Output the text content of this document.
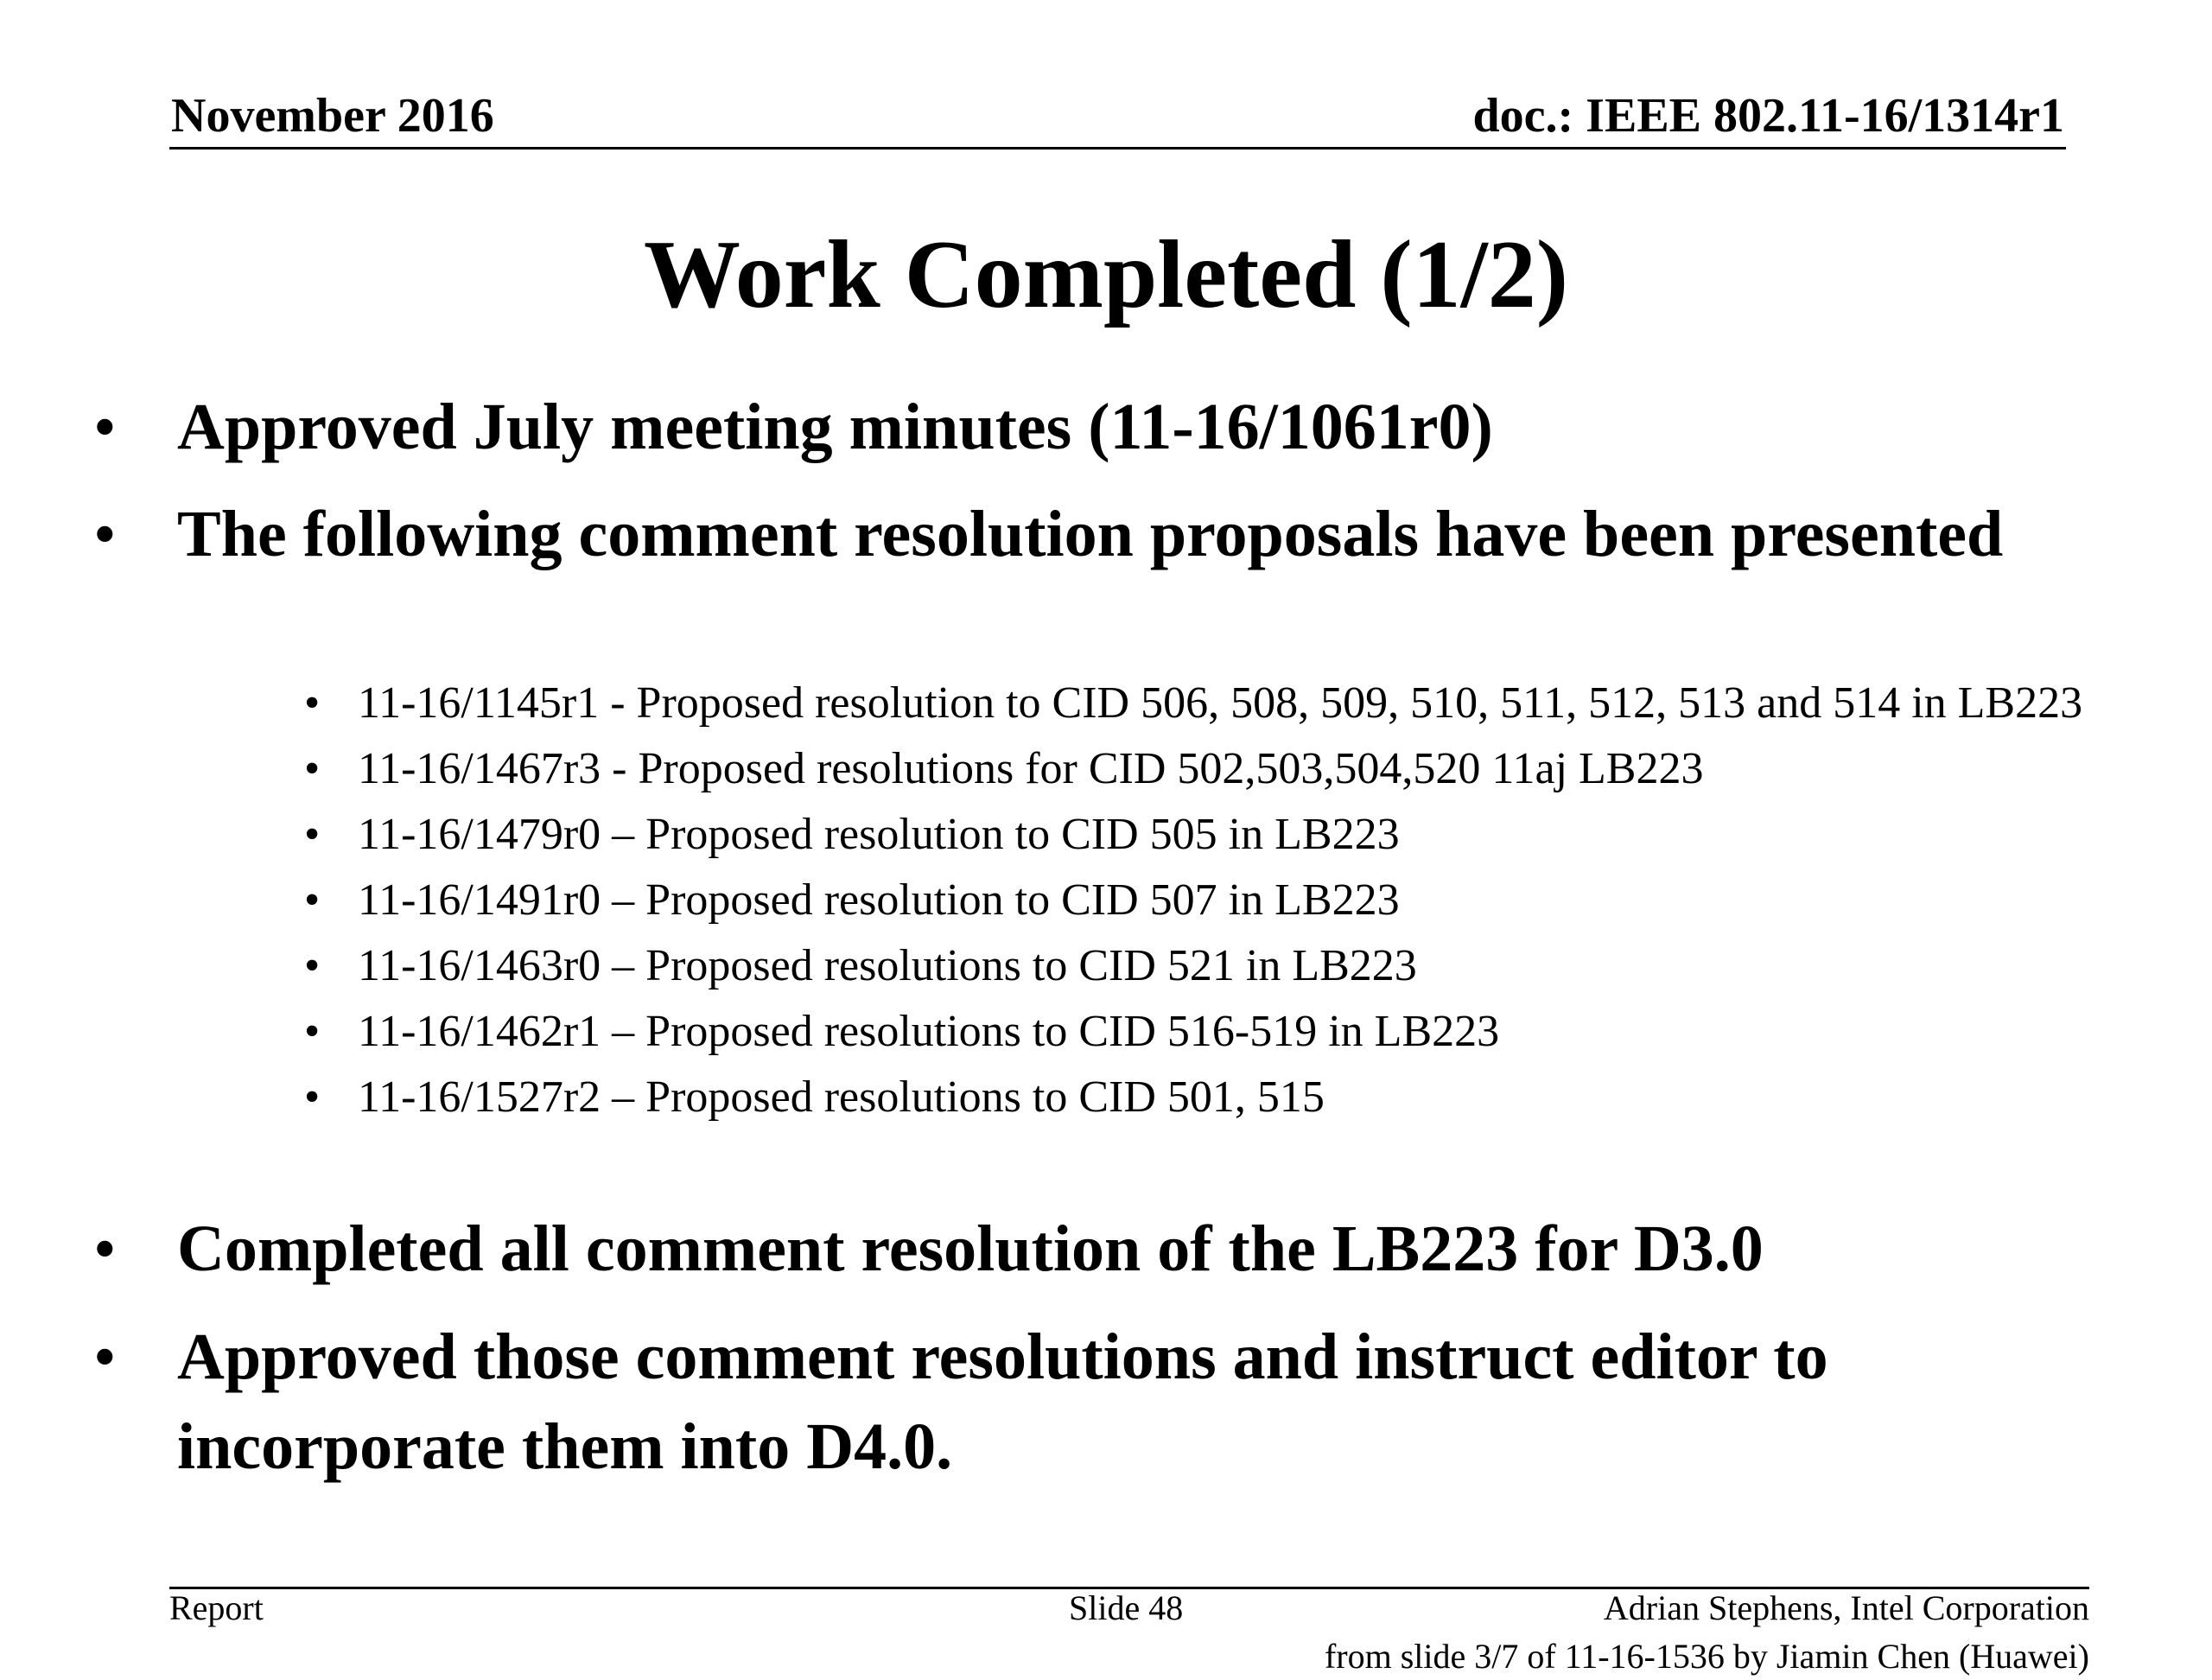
November 2016	doc.: IEEE 802.11-16/1314r1
Work Completed (1/2)
• Approved July meeting minutes (11-16/1061r0)
• The following comment resolution proposals have been presented
• 11-16/1145r1 - Proposed resolution to CID 506, 508, 509, 510, 511, 512, 513 and 514 in LB223
• 11-16/1467r3 - Proposed resolutions for CID 502,503,504,520 11aj LB223
• 11-16/1479r0 – Proposed resolution to CID 505 in LB223
• 11-16/1491r0 – Proposed resolution to CID 507 in LB223
• 11-16/1463r0 – Proposed resolutions to CID 521 in LB223
• 11-16/1462r1 – Proposed resolutions to CID 516-519 in LB223
• 11-16/1527r2 – Proposed resolutions to CID 501, 515
• Completed all comment resolution of the LB223 for D3.0
• Approved those comment resolutions and instruct editor to incorporate them into D4.0.
Report	Slide 48	Adrian Stephens, Intel Corporation
from slide 3/7 of 11-16-1536 by Jiamin Chen (Huawei)
